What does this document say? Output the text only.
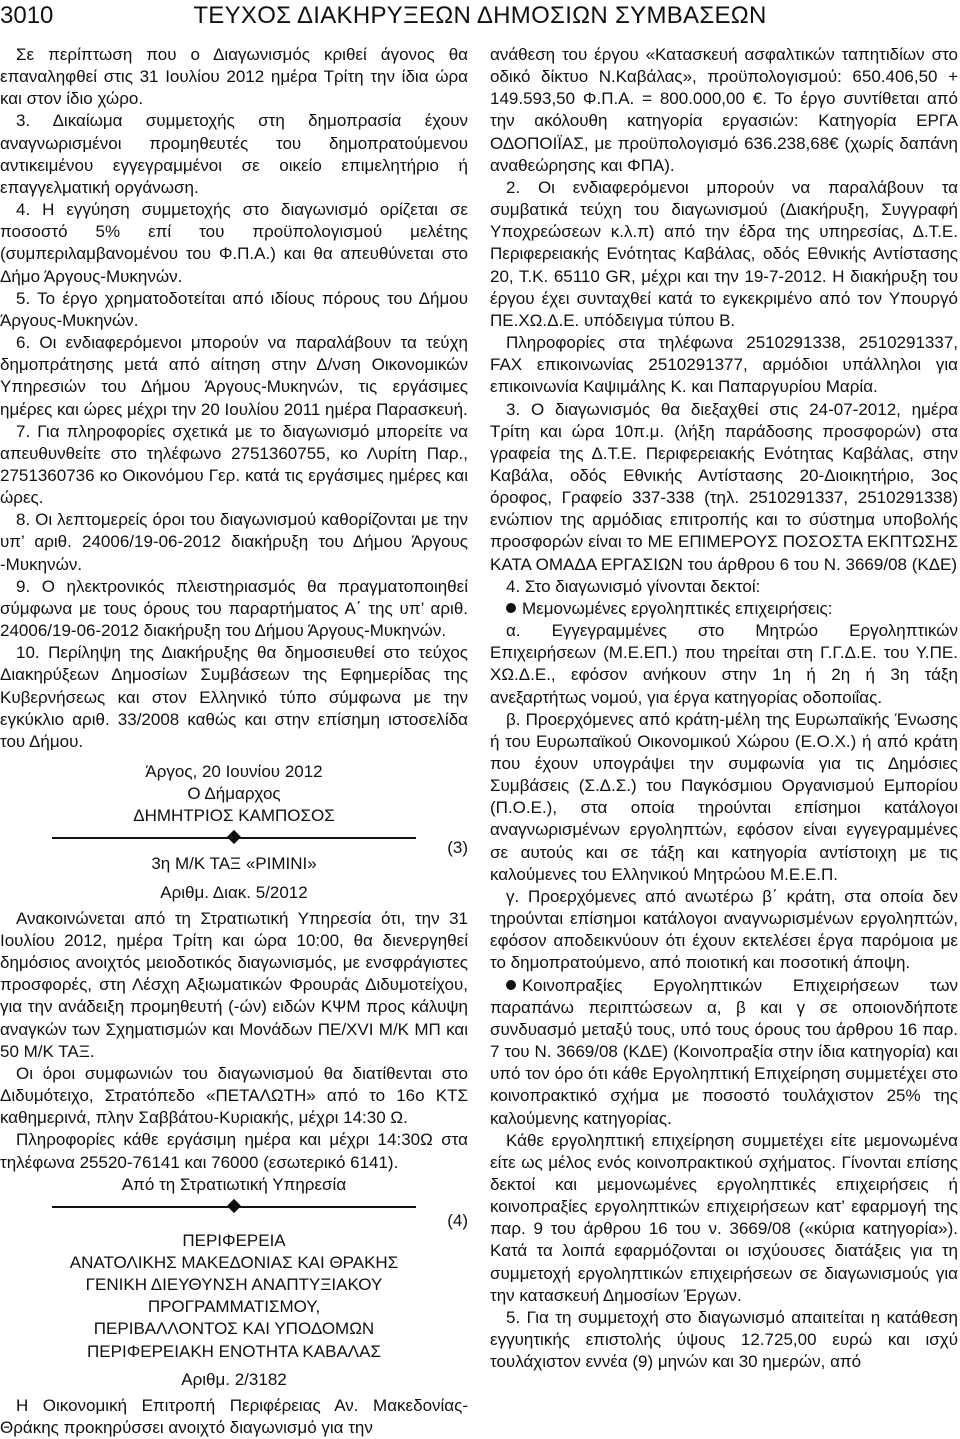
3010	ΤΕΥΧΟΣ ΔΙΑΚΗΡΥΞΕΩΝ ΔΗΜΟΣΙΩΝ ΣΥΜΒΑΣΕΩΝ

Σε περίπτωση που ο Διαγωνισμός κριθεί άγονος θα επαναληφθεί στις 31 Ιουλίου 2012 ημέρα Τρίτη την ίδια ώρα και στον ίδιο χώρο.

3. Δικαίωμα συμμετοχής στη δημοπρασία έχουν αναγνωρισμένοι προμηθευτές του δημοπρατούμενου αντικειμένου εγγεγραμμένοι σε οικείο επιμελητήριο ή επαγγελματική οργάνωση.

4. Η εγγύηση συμμετοχής στο διαγωνισμό ορίζεται σε ποσοστό 5% επί του προϋπολογισμού μελέτης (συμπεριλαμβανομένου του Φ.Π.Α.) και θα απευθύνεται στο Δήμο Άργους-Μυκηνών.

5. Το έργο χρηματοδοτείται από ιδίους πόρους του Δήμου Άργους-Μυκηνών.

6. Οι ενδιαφερόμενοι μπορούν να παραλάβουν τα τεύχη δημοπράτησης μετά από αίτηση στην Δ/νση Οικονομικών Υπηρεσιών του Δήμου Άργους-Μυκηνών, τις εργάσιμες ημέρες και ώρες μέχρι την 20 Ιουλίου 2011 ημέρα Παρασκευή.

7. Για πληροφορίες σχετικά με το διαγωνισμό μπορείτε να απευθυνθείτε στο τηλέφωνο 2751360755, κο Λυρίτη Παρ., 2751360736 κο Οικονόμου Γερ. κατά τις εργάσιμες ημέρες και ώρες.

8. Οι λεπτομερείς όροι του διαγωνισμού καθορίζονται με την υπ’ αριθ. 24006/19-06-2012 διακήρυξη του Δήμου Άργους -Μυκηνών.

9. Ο ηλεκτρονικός πλειστηριασμός θα πραγματοποιηθεί σύμφωνα με τους όρους του παραρτήματος Α΄ της υπ’ αριθ. 24006/19-06-2012 διακήρυξη του Δήμου Άργους-Μυκηνών.

10. Περίληψη της Διακήρυξης θα δημοσιευθεί στο τεύχος Διακηρύξεων Δημοσίων Συμβάσεων της Εφημερίδας της Κυβερνήσεως και στον Ελληνικό τύπο σύμφωνα με την εγκύκλιο αριθ. 33/2008 καθώς και στην επίσημη ιστοσελίδα του Δήμου.

Άργος, 20 Ιουνίου 2012

Ο Δήμαρχος

ΔΗΜΗΤΡΙΟΣ ΚΑΜΠΟΣΟΣ

(3)

3η Μ/Κ ΤΑΞ «ΡΙΜΙΝΙ»

Αριθμ. Διακ. 5/2012

Ανακοινώνεται από τη Στρατιωτική Υπηρεσία ότι, την 31 Ιουλίου 2012, ημέρα Τρίτη και ώρα 10:00, θα διενεργηθεί δημόσιος ανοιχτός μειοδοτικός διαγωνισμός, με ενσφράγιστες προσφορές, στη Λέσχη Αξιωματικών Φρουράς Διδυμοτείχου, για την ανάδειξη προμηθευτή (-ών) ειδών ΚΨΜ προς κάλυψη αναγκών των Σχηματισμών και Μονάδων ΠΕ/ΧVI Μ/Κ ΜΠ και 50 Μ/Κ ΤΑΞ.

Οι όροι συμφωνιών του διαγωνισμού θα διατίθενται στο Διδυμότειχο, Στρατόπεδο «ΠΕΤΑΛΩΤΗ» από το 16ο ΚΤΣ καθημερινά, πλην Σαββάτου-Κυριακής, μέχρι 14:30 Ω.

Πληροφορίες κάθε εργάσιμη ημέρα και μέχρι 14:30Ω στα τηλέφωνα 25520-76141 και 76000 (εσωτερικό 6141).

Από τη Στρατιωτική Υπηρεσία

(4)

ΠΕΡΙΦΕΡΕΙΑ

ΑΝΑΤΟΛΙΚΗΣ ΜΑΚΕΔΟΝΙΑΣ ΚΑΙ ΘΡΑΚΗΣ

ΓΕΝΙΚΗ ΔΙΕΥΘΥΝΣΗ ΑΝΑΠΤΥΞΙΑΚΟΥ ΠΡΟΓΡΑΜΜΑΤΙΣΜΟΥ,

ΠΕΡΙΒΑΛΛΟΝΤΟΣ ΚΑΙ ΥΠΟΔΟΜΩΝ

ΠΕΡΙΦΕΡΕΙΑΚΗ ΕΝΟΤΗΤΑ ΚΑΒΑΛΑΣ

Αριθμ. 2/3182

Η Οικονομική Επιτροπή Περιφέρειας Αν. Μακεδονίας-Θράκης προκηρύσσει ανοιχτό διαγωνισμό για την

ανάθεση του έργου «Κατασκευή ασφαλτικών ταπητιδίων στο οδικό δίκτυο Ν.Καβάλας», προϋπολογισμού: 650.406,50 + 149.593,50 Φ.Π.Α. = 800.000,00 €. Το έργο συντίθεται από την ακόλουθη κατηγορία εργασιών: Κατηγορία ΕΡΓΑ ΟΔΟΠΟΙΪΑΣ, με προϋπολογισμό 636.238,68€ (χωρίς δαπάνη αναθεώρησης και ΦΠΑ).

2. Οι ενδιαφερόμενοι μπορούν να παραλάβουν τα συμβατικά τεύχη του διαγωνισμού (Διακήρυξη, Συγγραφή Υποχρεώσεων κ.λ.π) από την έδρα της υπηρεσίας, Δ.Τ.Ε. Περιφερειακής Ενότητας Καβάλας, οδός Εθνικής Αντίστασης 20, Τ.Κ. 65110 GR, μέχρι και την 19-7-2012. Η διακήρυξη του έργου έχει συνταχθεί κατά το εγκεκριμένο από τον Υπουργό ΠΕ.ΧΩ.Δ.Ε. υπόδειγμα τύπου Β.

Πληροφορίες στα τηλέφωνα 2510291338, 2510291337, FAX επικοινωνίας 2510291377, αρμόδιοι υπάλληλοι για επικοινωνία Καψιμάλης Κ. και Παπαργυρίου Μαρία.

3. Ο διαγωνισμός θα διεξαχθεί στις 24-07-2012, ημέρα Τρίτη και ώρα 10π.μ. (λήξη παράδοσης προσφορών) στα γραφεία της Δ.Τ.Ε. Περιφερειακής Ενότητας Καβάλας, στην Καβάλα, οδός Εθνικής Αντίστασης 20-Διοικητήριο, 3ος όροφος, Γραφείο 337-338 (τηλ. 2510291337, 2510291338) ενώπιον της αρμόδιας επιτροπής και το σύστημα υποβολής προσφορών είναι το ΜΕ ΕΠΙΜΕΡΟΥΣ ΠΟΣΟΣΤΑ ΕΚΠΤΩΣΗΣ ΚΑΤΑ ΟΜΑΔΑ ΕΡΓΑΣΙΩΝ του άρθρου 6 του Ν. 3669/08 (ΚΔΕ)

4. Στο διαγωνισμό γίνονται δεκτοί:

Μεμονωμένες εργοληπτικές επιχειρήσεις:

α. Εγγεγραμμένες στο Μητρώο Εργοληπτικών Επιχειρήσεων (Μ.Ε.ΕΠ.) που τηρείται στη Γ.Γ.Δ.Ε. του Υ.ΠΕ. ΧΩ.Δ.Ε., εφόσον ανήκουν στην 1η ή 2η ή 3η τάξη ανεξαρτήτως νομού, για έργα κατηγορίας οδοποιΐας.

β. Προερχόμενες από κράτη-μέλη της Ευρωπαϊκής Ένωσης ή του Ευρωπαϊκού Οικονομικού Χώρου (Ε.Ο.Χ.) ή από κράτη που έχουν υπογράψει την συμφωνία για τις Δημόσιες Συμβάσεις (Σ.Δ.Σ.) του Παγκόσμιου Οργανισμού Εμπορίου (Π.Ο.Ε.), στα οποία τηρούνται επίσημοι κατάλογοι αναγνωρισμένων εργοληπτών, εφόσον είναι εγγεγραμμένες σε αυτούς και σε τάξη και κατηγορία αντίστοιχη με τις καλούμενες του Ελληνικού Μητρώου Μ.Ε.Ε.Π.

γ. Προερχόμενες από ανωτέρω β΄ κράτη, στα οποία δεν τηρούνται επίσημοι κατάλογοι αναγνωρισμένων εργοληπτών, εφόσον αποδεικνύουν ότι έχουν εκτελέσει έργα παρόμοια με το δημοπρατούμενο, από ποιοτική και ποσοτική άποψη.

Κοινοπραξίες Εργοληπτικών Επιχειρήσεων των παραπάνω περιπτώσεων α, β και γ σε οποιονδήποτε συνδυασμό μεταξύ τους, υπό τους όρους του άρθρου 16 παρ. 7 του Ν. 3669/08 (ΚΔΕ) (Κοινοπραξία στην ίδια κατηγορία) και υπό τον όρο ότι κάθε Εργοληπτική Επιχείρηση συμμετέχει στο κοινοπρακτικό σχήμα με ποσοστό τουλάχιστον 25% της καλούμενης κατηγορίας.

Κάθε εργοληπτική επιχείρηση συμμετέχει είτε μεμονωμένα είτε ως μέλος ενός κοινοπρακτικού σχήματος. Γίνονται επίσης δεκτοί και μεμονωμένες εργοληπτικές επιχειρήσεις ή κοινοπραξίες εργοληπτικών επιχειρήσεων κατ’ εφαρμογή της παρ. 9 του άρθρου 16 του ν. 3669/08 («κύρια κατηγορία»). Κατά τα λοιπά εφαρμόζονται οι ισχύουσες διατάξεις για τη συμμετοχή εργοληπτικών επιχειρήσεων σε διαγωνισμούς για την κατασκευή Δημοσίων Έργων.

5. Για τη συμμετοχή στο διαγωνισμό απαιτείται η κατάθεση εγγυητικής επιστολής ύψους 12.725,00 ευρώ και ισχύ τουλάχιστον εννέα (9) μηνών και 30 ημερών, από
